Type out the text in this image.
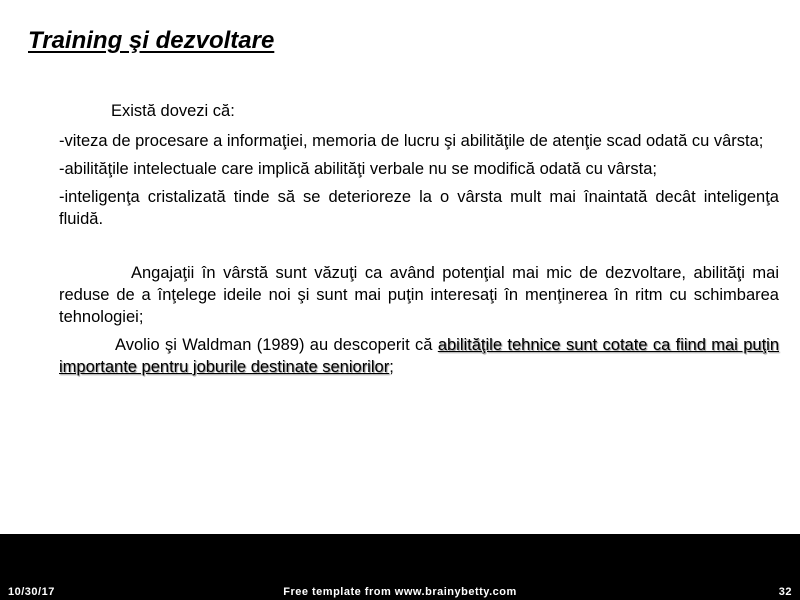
Training şi dezvoltare

Există dovezi că:

-viteza de procesare a informaţiei, memoria de lucru şi abilităţile de atenţie scad odată cu vârsta;

-abilităţile intelectuale care implică abilităţi verbale nu se modifică odată cu vârsta;

-inteligenţa cristalizată tinde să se deterioreze la o vârsta mult mai înaintată decât inteligenţa fluidă.

Angajaţii în vârstă sunt văzuţi ca având potenţial mai mic de dezvoltare, abilităţi mai reduse de a înţelege ideile noi şi sunt mai puţin interesaţi în menţinerea în ritm cu schimbarea tehnologiei;

Avolio şi Waldman (1989) au descoperit că abilităţile tehnice sunt cotate ca fiind mai puţin importante pentru joburile destinate seniorilor;

10/30/17	Free template from www.brainybetty.com	32
